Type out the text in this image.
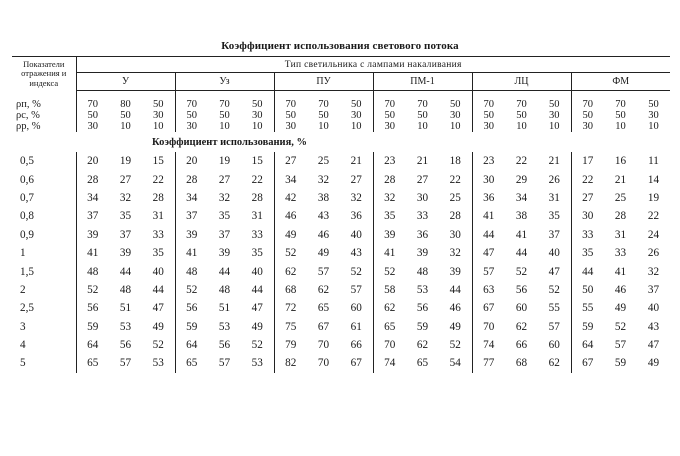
Коэффициент использования светового потока
Показатели
отражения и
индекса	Тип светильника с лампами накаливания																	
	У			Уз			ПУ			ПМ-1			ЛЦ			ФМ		
ρп, %	70	80	50	70	70	50	70	70	50	70	70	50	70	70	50	70	70	50
ρс, %	50	50	30	50	50	30	50	50	30	50	50	30	50	50	30	50	50	30
ρр, %	30	10	10	30	10	10	30	10	10	30	10	10	30	10	10	30	10	10
Коэффициент использования, %																		
0,5	20	19	15	20	19	15	27	25	21	23	21	18	23	22	21	17	16	11
0,6	28	27	22	28	27	22	34	32	27	28	27	22	30	29	26	22	21	14
0,7	34	32	28	34	32	28	42	38	32	32	30	25	36	34	31	27	25	19
0,8	37	35	31	37	35	31	46	43	36	35	33	28	41	38	35	30	28	22
0,9	39	37	33	39	37	33	49	46	40	39	36	30	44	41	37	33	31	24
1	41	39	35	41	39	35	52	49	43	41	39	32	47	44	40	35	33	26
1,5	48	44	40	48	44	40	62	57	52	52	48	39	57	52	47	44	41	32
2	52	48	44	52	48	44	68	62	57	58	53	44	63	56	52	50	46	37
2,5	56	51	47	56	51	47	72	65	60	62	56	46	67	60	55	55	49	40
3	59	53	49	59	53	49	75	67	61	65	59	49	70	62	57	59	52	43
4	64	56	52	64	56	52	79	70	66	70	62	52	74	66	60	64	57	47
5	65	57	53	65	57	53	82	70	67	74	65	54	77	68	62	67	59	49
